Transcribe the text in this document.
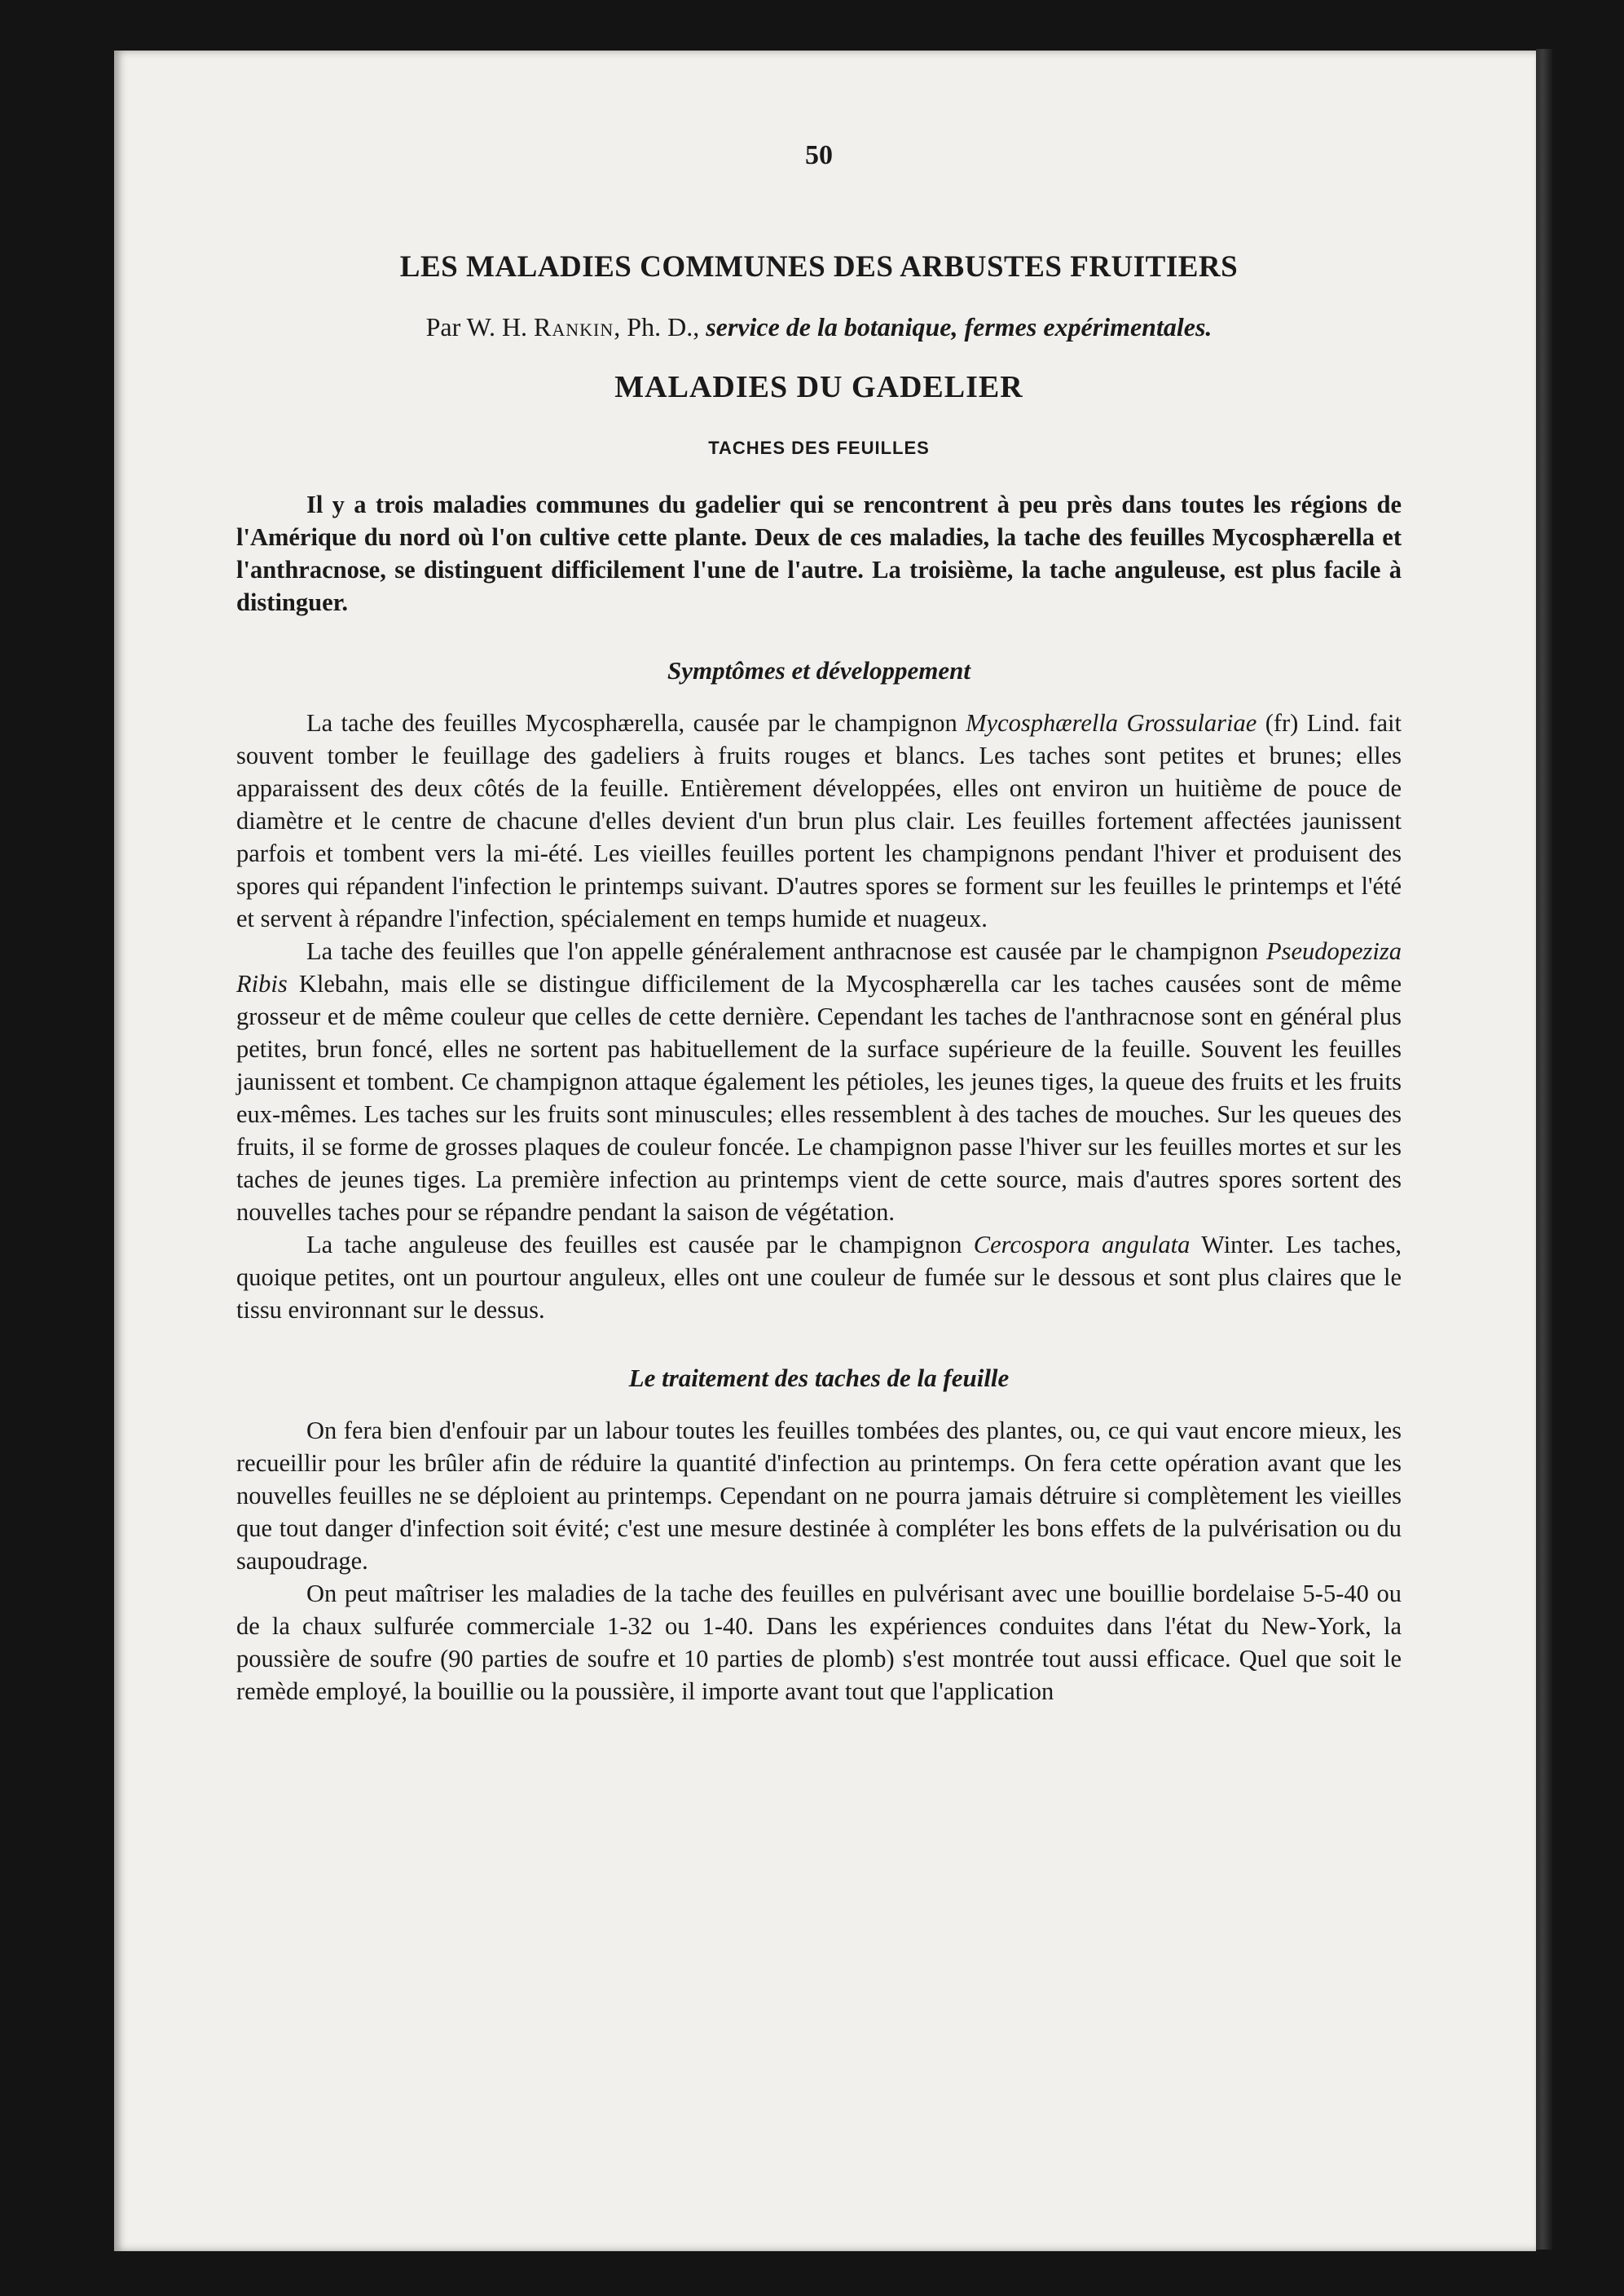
50
LES MALADIES COMMUNES DES ARBUSTES FRUITIERS
Par W. H. Rankin, Ph. D., service de la botanique, fermes expérimentales.
MALADIES DU GADELIER
TACHES DES FEUILLES

Il y a trois maladies communes du gadelier qui se rencontrent à peu près dans toutes les régions de l'Amérique du nord où l'on cultive cette plante. Deux de ces maladies, la tache des feuilles Mycosphærella et l'anthracnose, se distinguent difficilement l'une de l'autre. La troisième, la tache anguleuse, est plus facile à distinguer.

Symptômes et développement

La tache des feuilles Mycosphærella, causée par le champignon Mycosphærella Grossulariae (fr) Lind. fait souvent tomber le feuillage des gadeliers à fruits rouges et blancs. Les taches sont petites et brunes; elles apparaissent des deux côtés de la feuille. Entièrement développées, elles ont environ un huitième de pouce de diamètre et le centre de chacune d'elles devient d'un brun plus clair. Les feuilles fortement affectées jaunissent parfois et tombent vers la mi-été. Les vieilles feuilles portent les champignons pendant l'hiver et produisent des spores qui répandent l'infection le printemps suivant. D'autres spores se forment sur les feuilles le printemps et l'été et servent à répandre l'infection, spécialement en temps humide et nuageux.

La tache des feuilles que l'on appelle généralement anthracnose est causée par le champignon Pseudopeziza Ribis Klebahn, mais elle se distingue difficilement de la Mycosphærella car les taches causées sont de même grosseur et de même couleur que celles de cette dernière. Cependant les taches de l'anthracnose sont en général plus petites, brun foncé, elles ne sortent pas habituellement de la surface supérieure de la feuille. Souvent les feuilles jaunissent et tombent. Ce champignon attaque également les pétioles, les jeunes tiges, la queue des fruits et les fruits eux-mêmes. Les taches sur les fruits sont minuscules; elles ressemblent à des taches de mouches. Sur les queues des fruits, il se forme de grosses plaques de couleur foncée. Le champignon passe l'hiver sur les feuilles mortes et sur les taches de jeunes tiges. La première infection au printemps vient de cette source, mais d'autres spores sortent des nouvelles taches pour se répandre pendant la saison de végétation.

La tache anguleuse des feuilles est causée par le champignon Cercospora angulata Winter. Les taches, quoique petites, ont un pourtour anguleux, elles ont une couleur de fumée sur le dessous et sont plus claires que le tissu environnant sur le dessus.

Le traitement des taches de la feuille

On fera bien d'enfouir par un labour toutes les feuilles tombées des plantes, ou, ce qui vaut encore mieux, les recueillir pour les brûler afin de réduire la quantité d'infection au printemps. On fera cette opération avant que les nouvelles feuilles ne se déploient au printemps. Cependant on ne pourra jamais détruire si complètement les vieilles que tout danger d'infection soit évité; c'est une mesure destinée à compléter les bons effets de la pulvérisation ou du saupoudrage.

On peut maîtriser les maladies de la tache des feuilles en pulvérisant avec une bouillie bordelaise 5-5-40 ou de la chaux sulfurée commerciale 1-32 ou 1-40. Dans les expériences conduites dans l'état du New-York, la poussière de soufre (90 parties de soufre et 10 parties de plomb) s'est montrée tout aussi efficace. Quel que soit le remède employé, la bouillie ou la poussière, il importe avant tout que l'application
